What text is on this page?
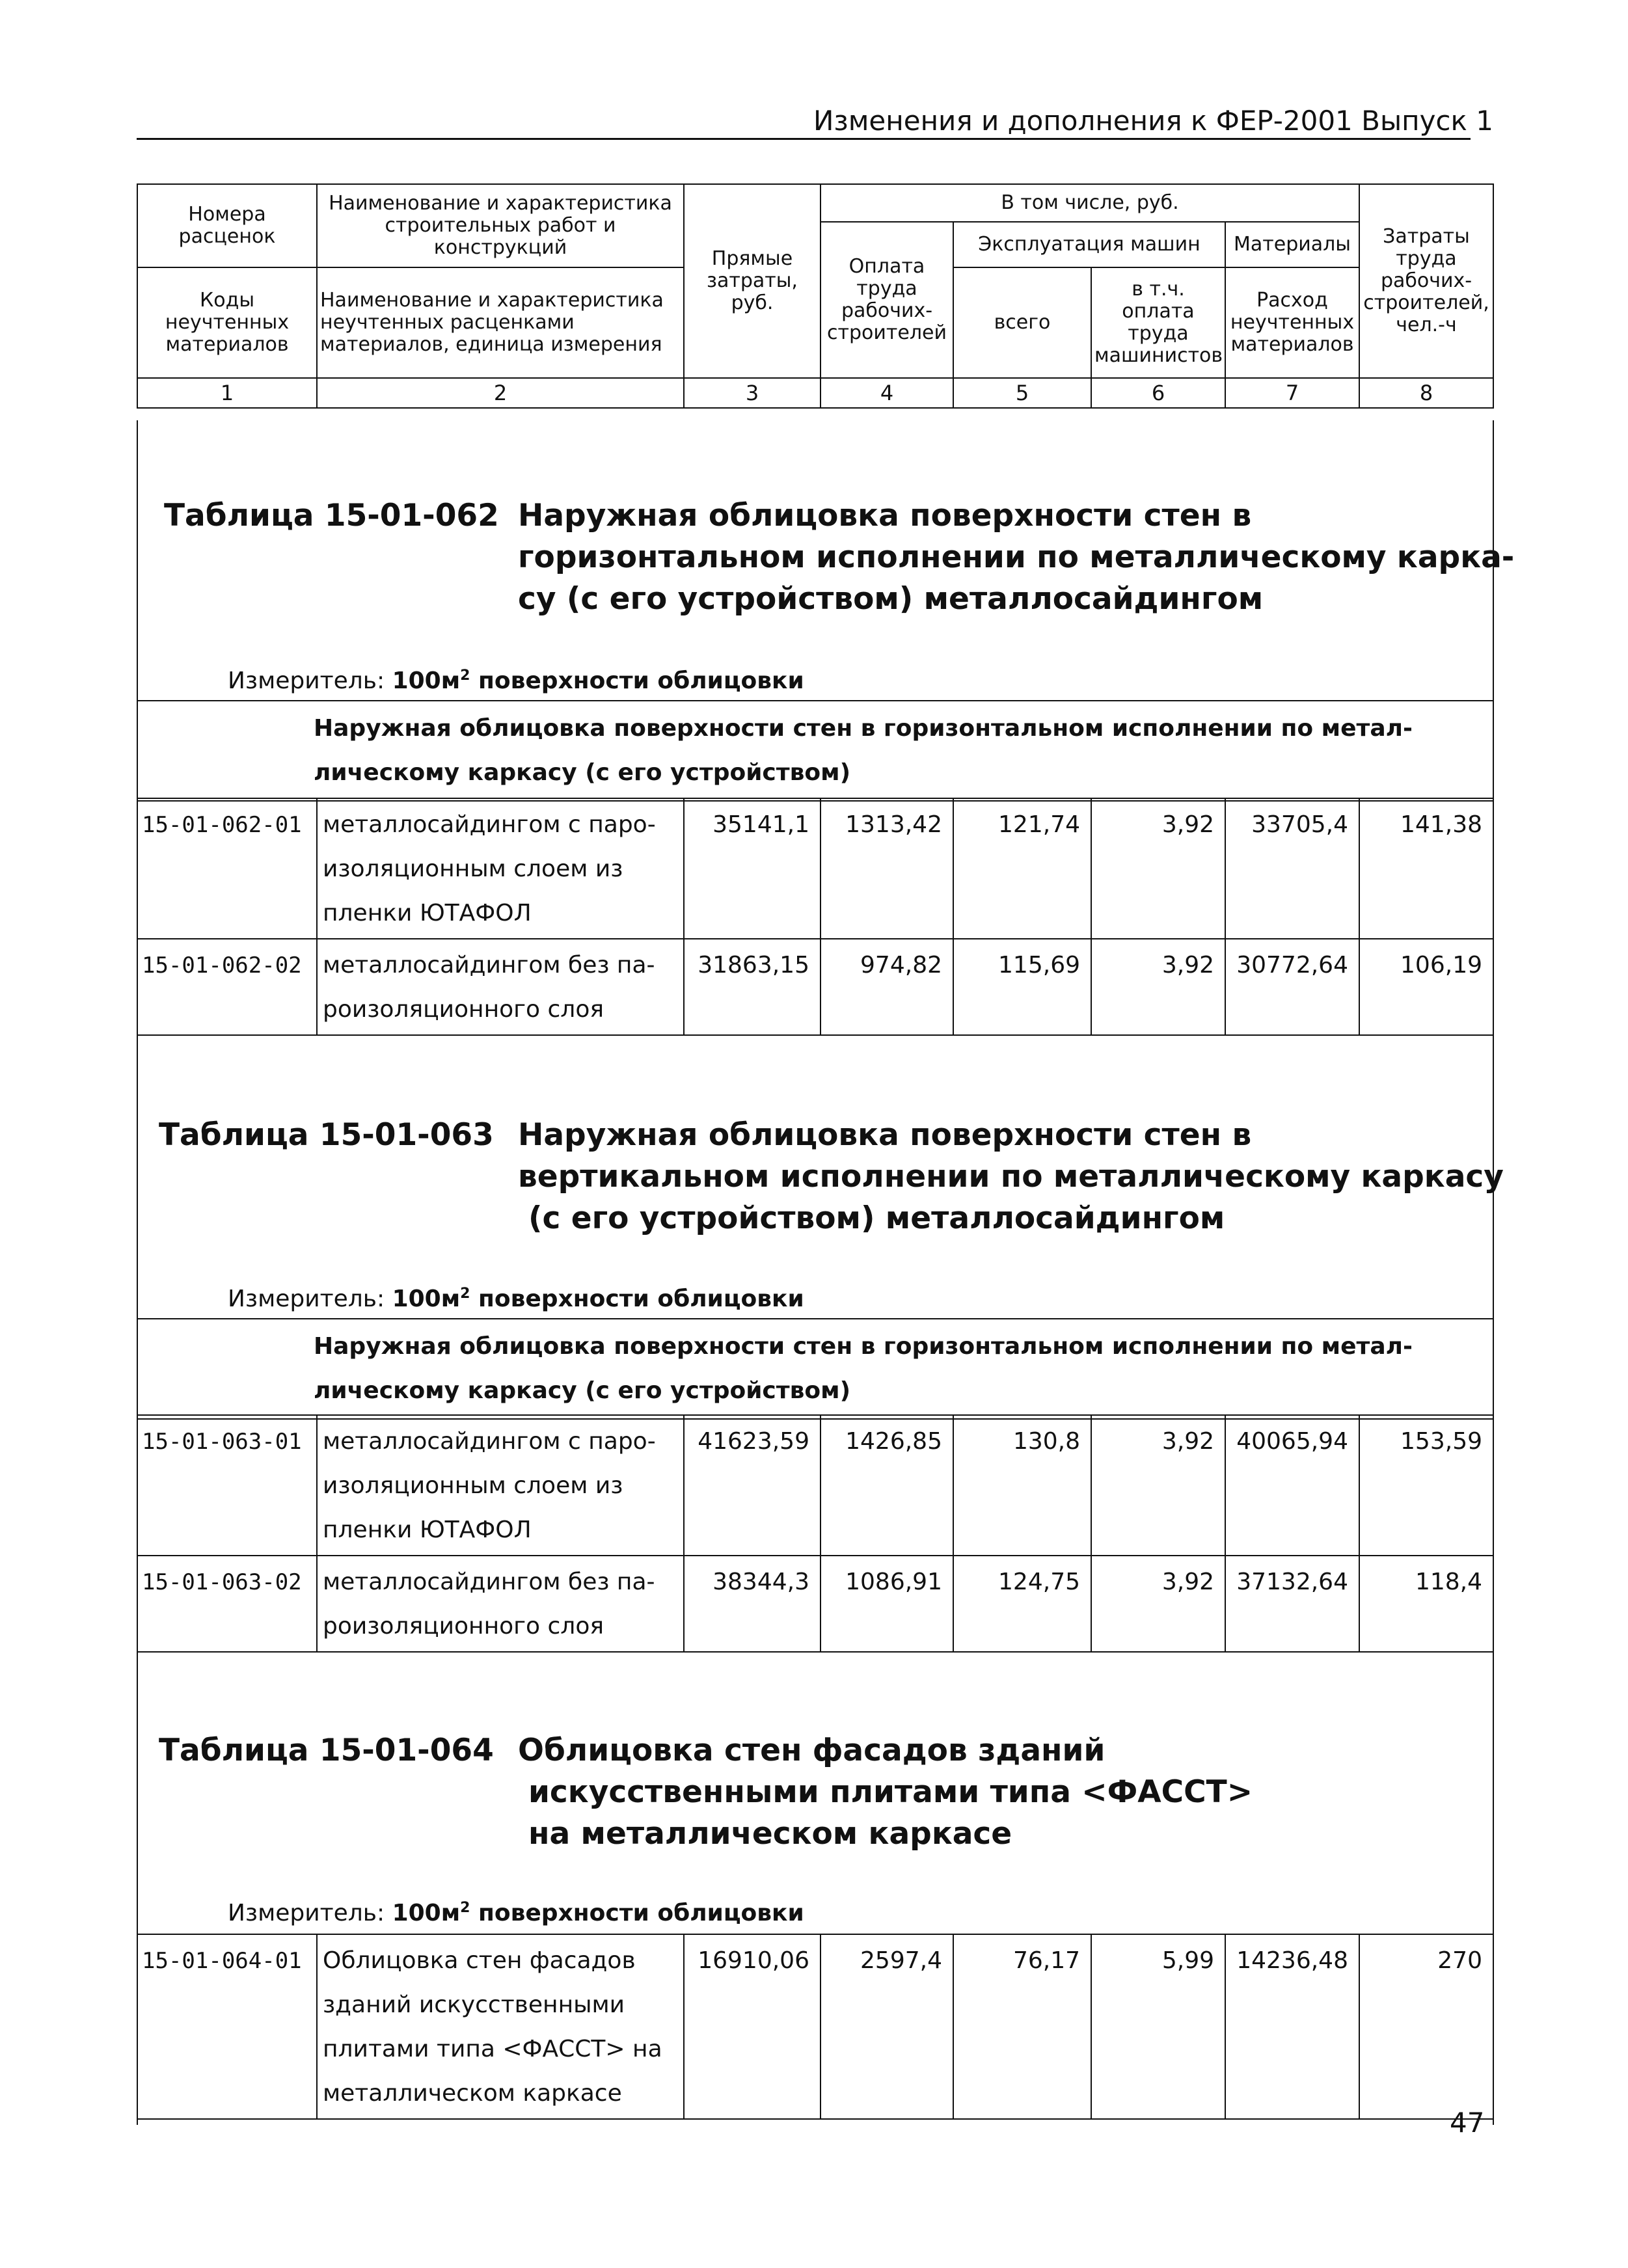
Изменения и дополнения к ФЕР-2001 Выпуск 1
Номера расценок	Наименование и характеристика строительных работ и конструкций	Прямые затраты, руб.	В том числе, руб.				Затраты труда рабочих-строителей, чел.-ч
			Оплата труда рабочих-строителей	Эксплуатация машин		Материалы	
Коды неучтенных материалов	Наименование и характеристика неучтенных расценками материалов, единица измерения			всего	в т.ч. оплата труда машинистов	Расход неучтенных материалов	

1	2	3	4	5	6	7	8
Таблица 15-01-062 Наружная облицовка поверхности стен в
горизонтальном исполнении по металлическому карка-
су (с его устройством) металлосайдингом
Измеритель: $100м^2$ поверхности облицовки
Наружная облицовка поверхности стен в горизонтальном исполнении по метал-
лическому каркасу (с его устройством)
15-01-062-01	металлосайдингом с паро-
изоляционным слоем из
пленки ЮТАФОЛ	35141,1	1313,42	121,74	3,92	33705,4	141,38
15-01-062-02	металлосайдингом без па-
роизоляционного слоя	31863,15	974,82	115,69	3,92	30772,64	106,19
Таблица 15-01-063 Наружная облицовка поверхности стен в
вертикальном исполнении по металлическому каркасу
(с его устройством) металлосайдингом
Измеритель: $100м^2$ поверхности облицовки
Наружная облицовка поверхности стен в горизонтальном исполнении по метал-
лическому каркасу (с его устройством)
15-01-063-01	металлосайдингом с паро-
изоляционным слоем из
пленки ЮТАФОЛ	41623,59	1426,85	130,8	3,92	40065,94	153,59
15-01-063-02	металлосайдингом без па-
роизоляционного слоя	38344,3	1086,91	124,75	3,92	37132,64	118,4
Таблица 15-01-064 Облицовка стен фасадов зданий
искусственными плитами типа <ФАССТ>
на металлическом каркасе
Измеритель: $100м^2$ поверхности облицовки
15-01-064-01	Облицовка стен фасадов
зданий искусственными
плитами типа <ФАССТ> на
металлическом каркасе
	16910,06	2597,4	76,17	5,99	14236,48	270
47
